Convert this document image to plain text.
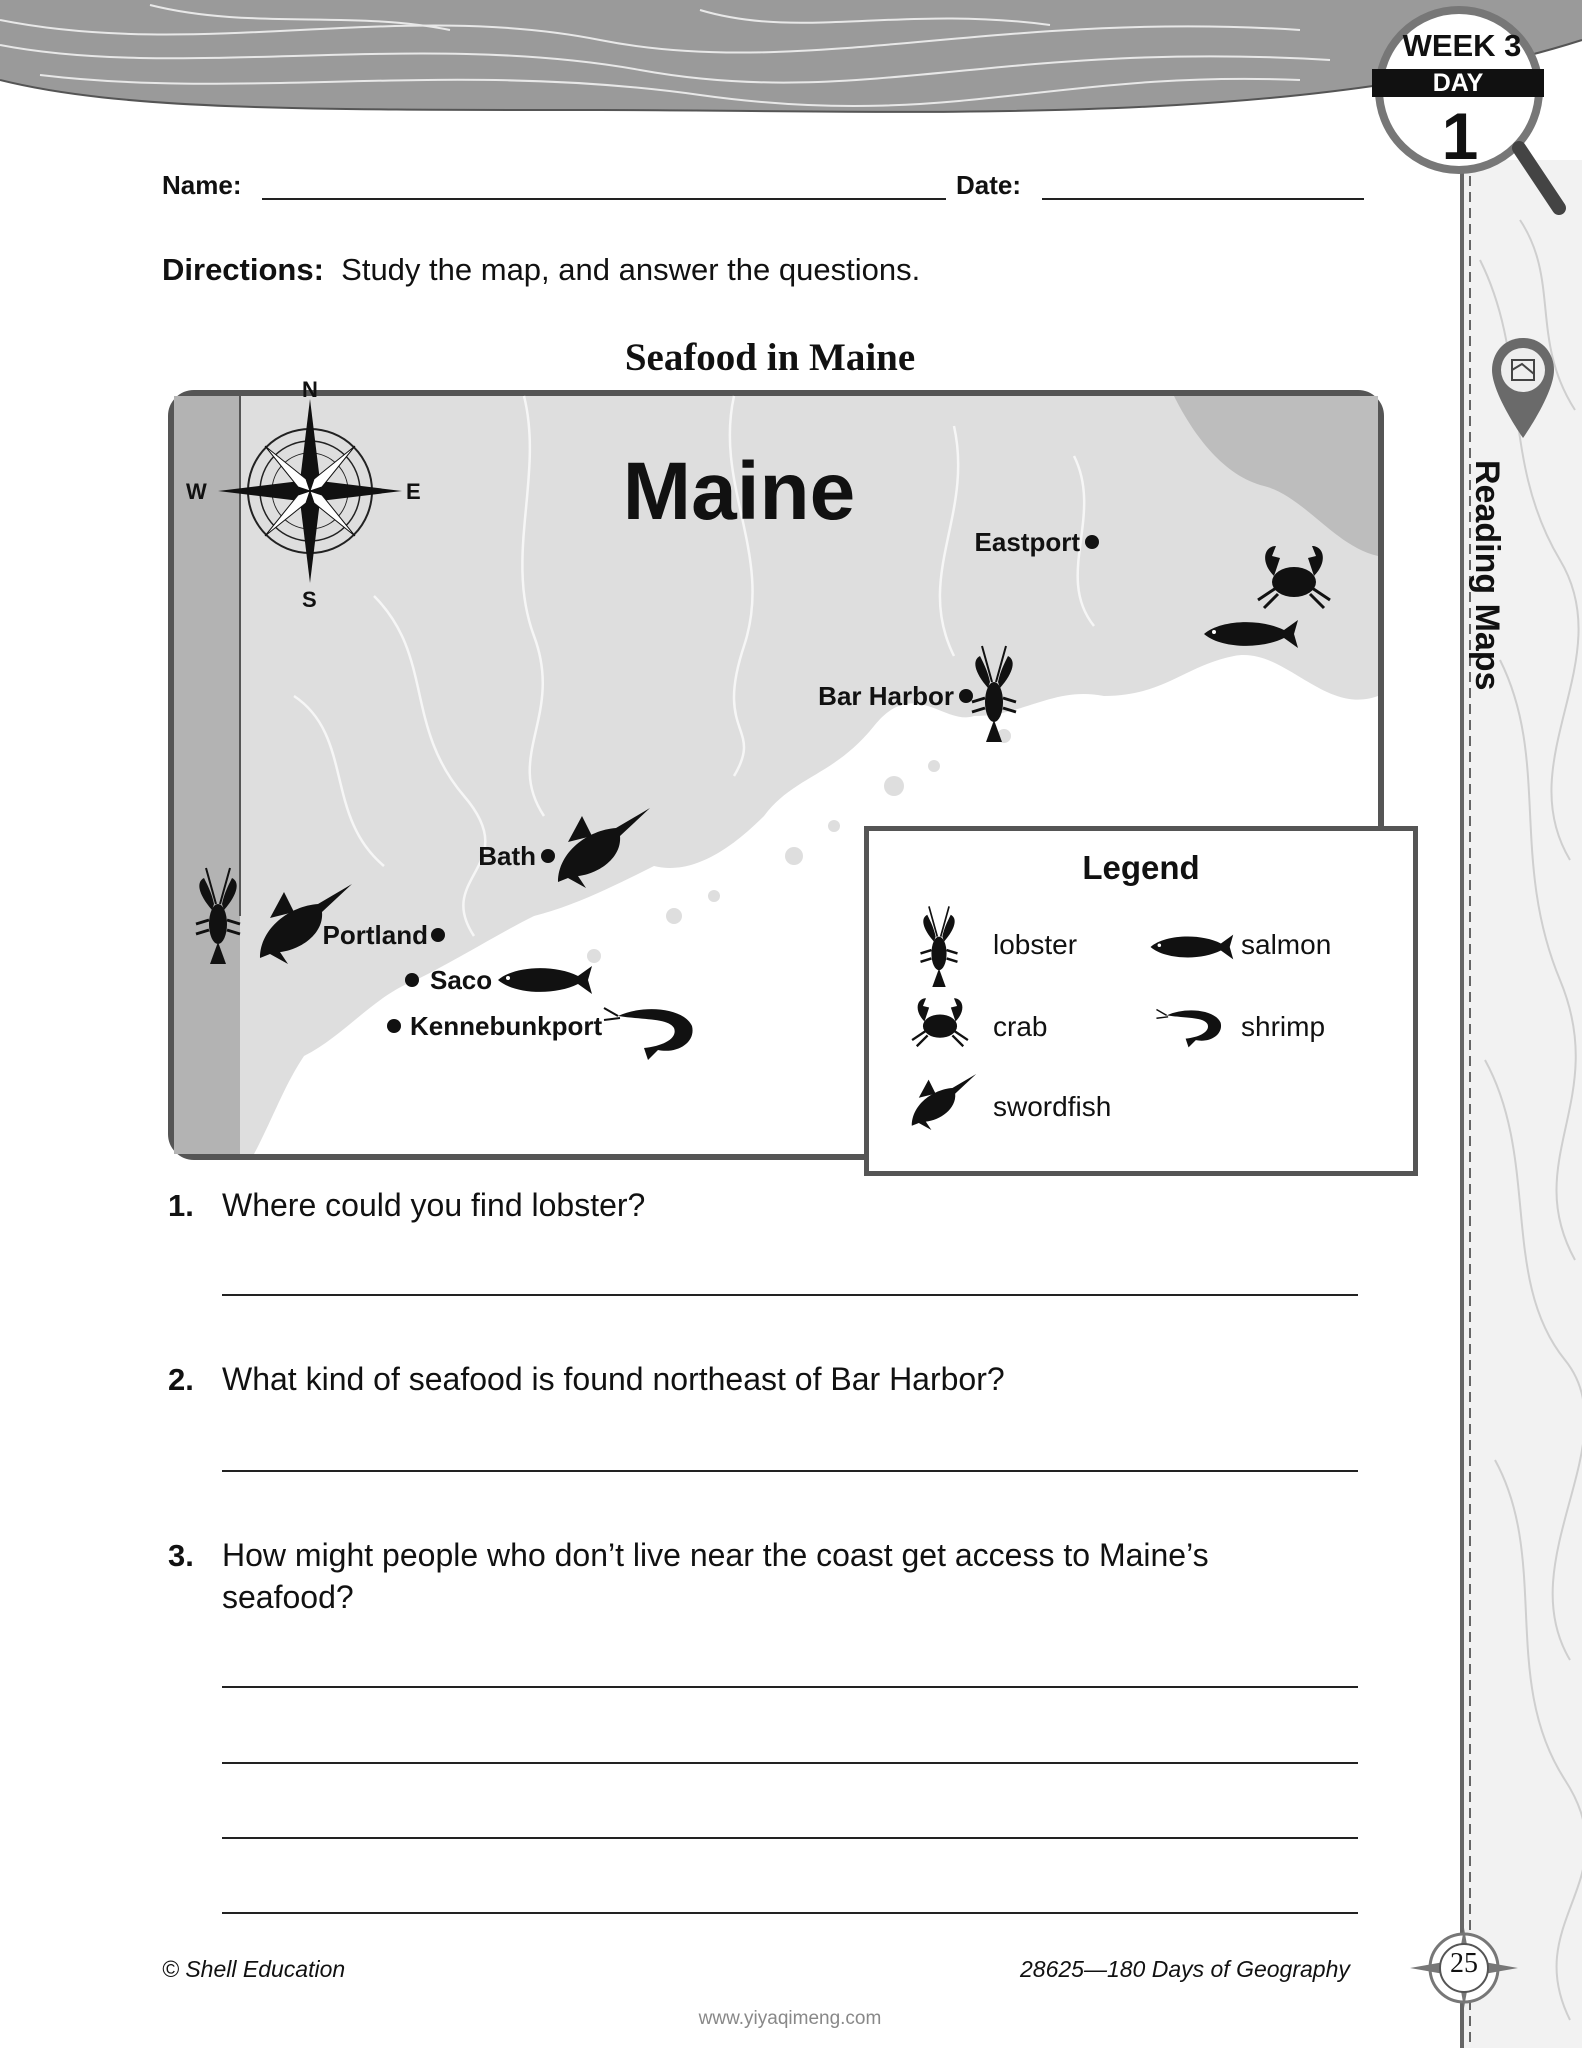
WEEK 3
DAY
1
Reading Maps
Name:	Date:
Directions: Study the map, and answer the questions.
Seafood in Maine
N
S
E
W	Maine
Eastport
Bar Harbor
Bath
Portland
Saco
Kennebunkport
Legend
lobster	salmon
crab	shrimp
swordfish
1. Where could you find lobster?
2. What kind of seafood is found northeast of Bar Harbor?
3. How might people who don’t live near the coast get access to Maine’s seafood?
© Shell Education	28625—180 Days of Geography	25
www.yiyaqimeng.com
